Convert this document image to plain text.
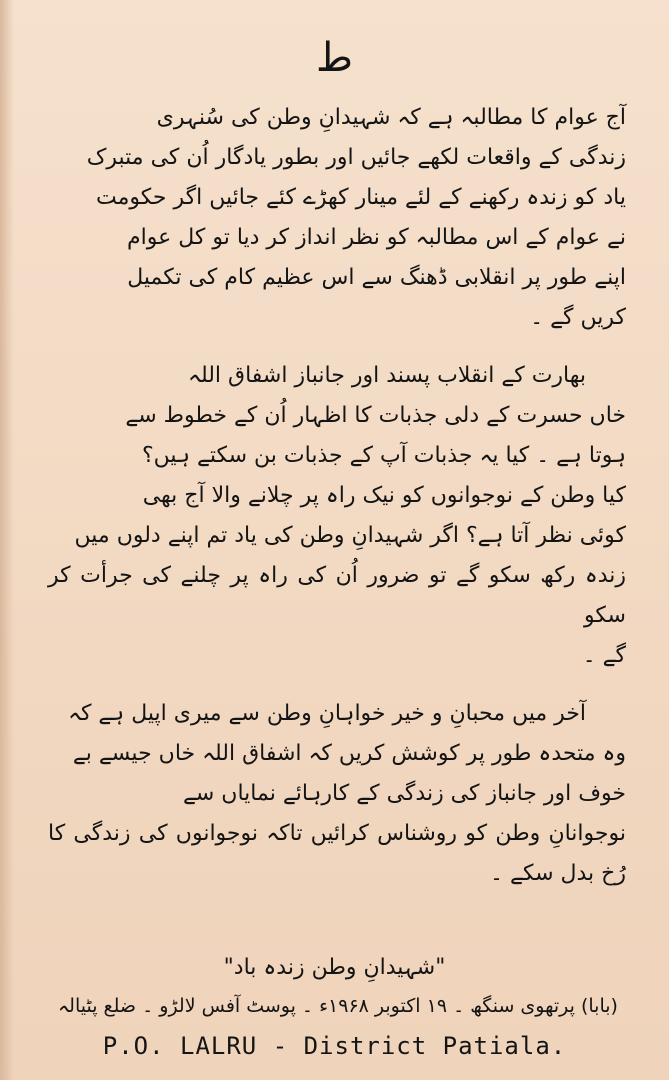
ط
آج عوام کا مطالبہ ہے کہ شہیدانِ وطن کی سُنہری
زندگی کے واقعات لکھے جائیں اور بطور یادگار اُن کی متبرک
یاد کو زندہ رکھنے کے لئے مینار کھڑے کئے جائیں اگر حکومت
نے عوام کے اس مطالبہ کو نظر انداز کر دیا تو کل عوام
اپنے طور پر انقلابی ڈھنگ سے اس عظیم کام کی تکمیل
کریں گے ۔
بھارت کے انقلاب پسند اور جانباز اشفاق اللہ
خاں حسرت کے دلی جذبات کا اظہار اُن کے خطوط سے
ہوتا ہے ۔ کیا یہ جذبات آپ کے جذبات بن سکتے ہیں؟
کیا وطن کے نوجوانوں کو نیک راہ پر چلانے والا آج بھی
کوئی نظر آتا ہے؟ اگر شہیدانِ وطن کی یاد تم اپنے دلوں میں
زندہ رکھ سکو گے تو ضرور اُن کی راہ پر چلنے کی جرأت کر سکو
گے ۔
آخر میں محبانِ و خیر خواہانِ وطن سے میری اپیل ہے کہ
وہ متحدہ طور پر کوشش کریں کہ اشفاق اللہ خاں جیسے بے
خوف اور جانباز کی زندگی کے کارہائے نمایاں سے
نوجوانانِ وطن کو روشناس کرائیں تاکہ نوجوانوں کی زندگی کا رُخ بدل سکے ۔
"شہیدانِ وطن زندہ باد"
(بابا) پرتھوی سنگھ ۔ ۱۹ اکتوبر ۱۹۶۸ء ۔ پوسٹ آفس لالڑو ۔ ضلع پٹیالہ
P.O. LALRU - District Patiala.
